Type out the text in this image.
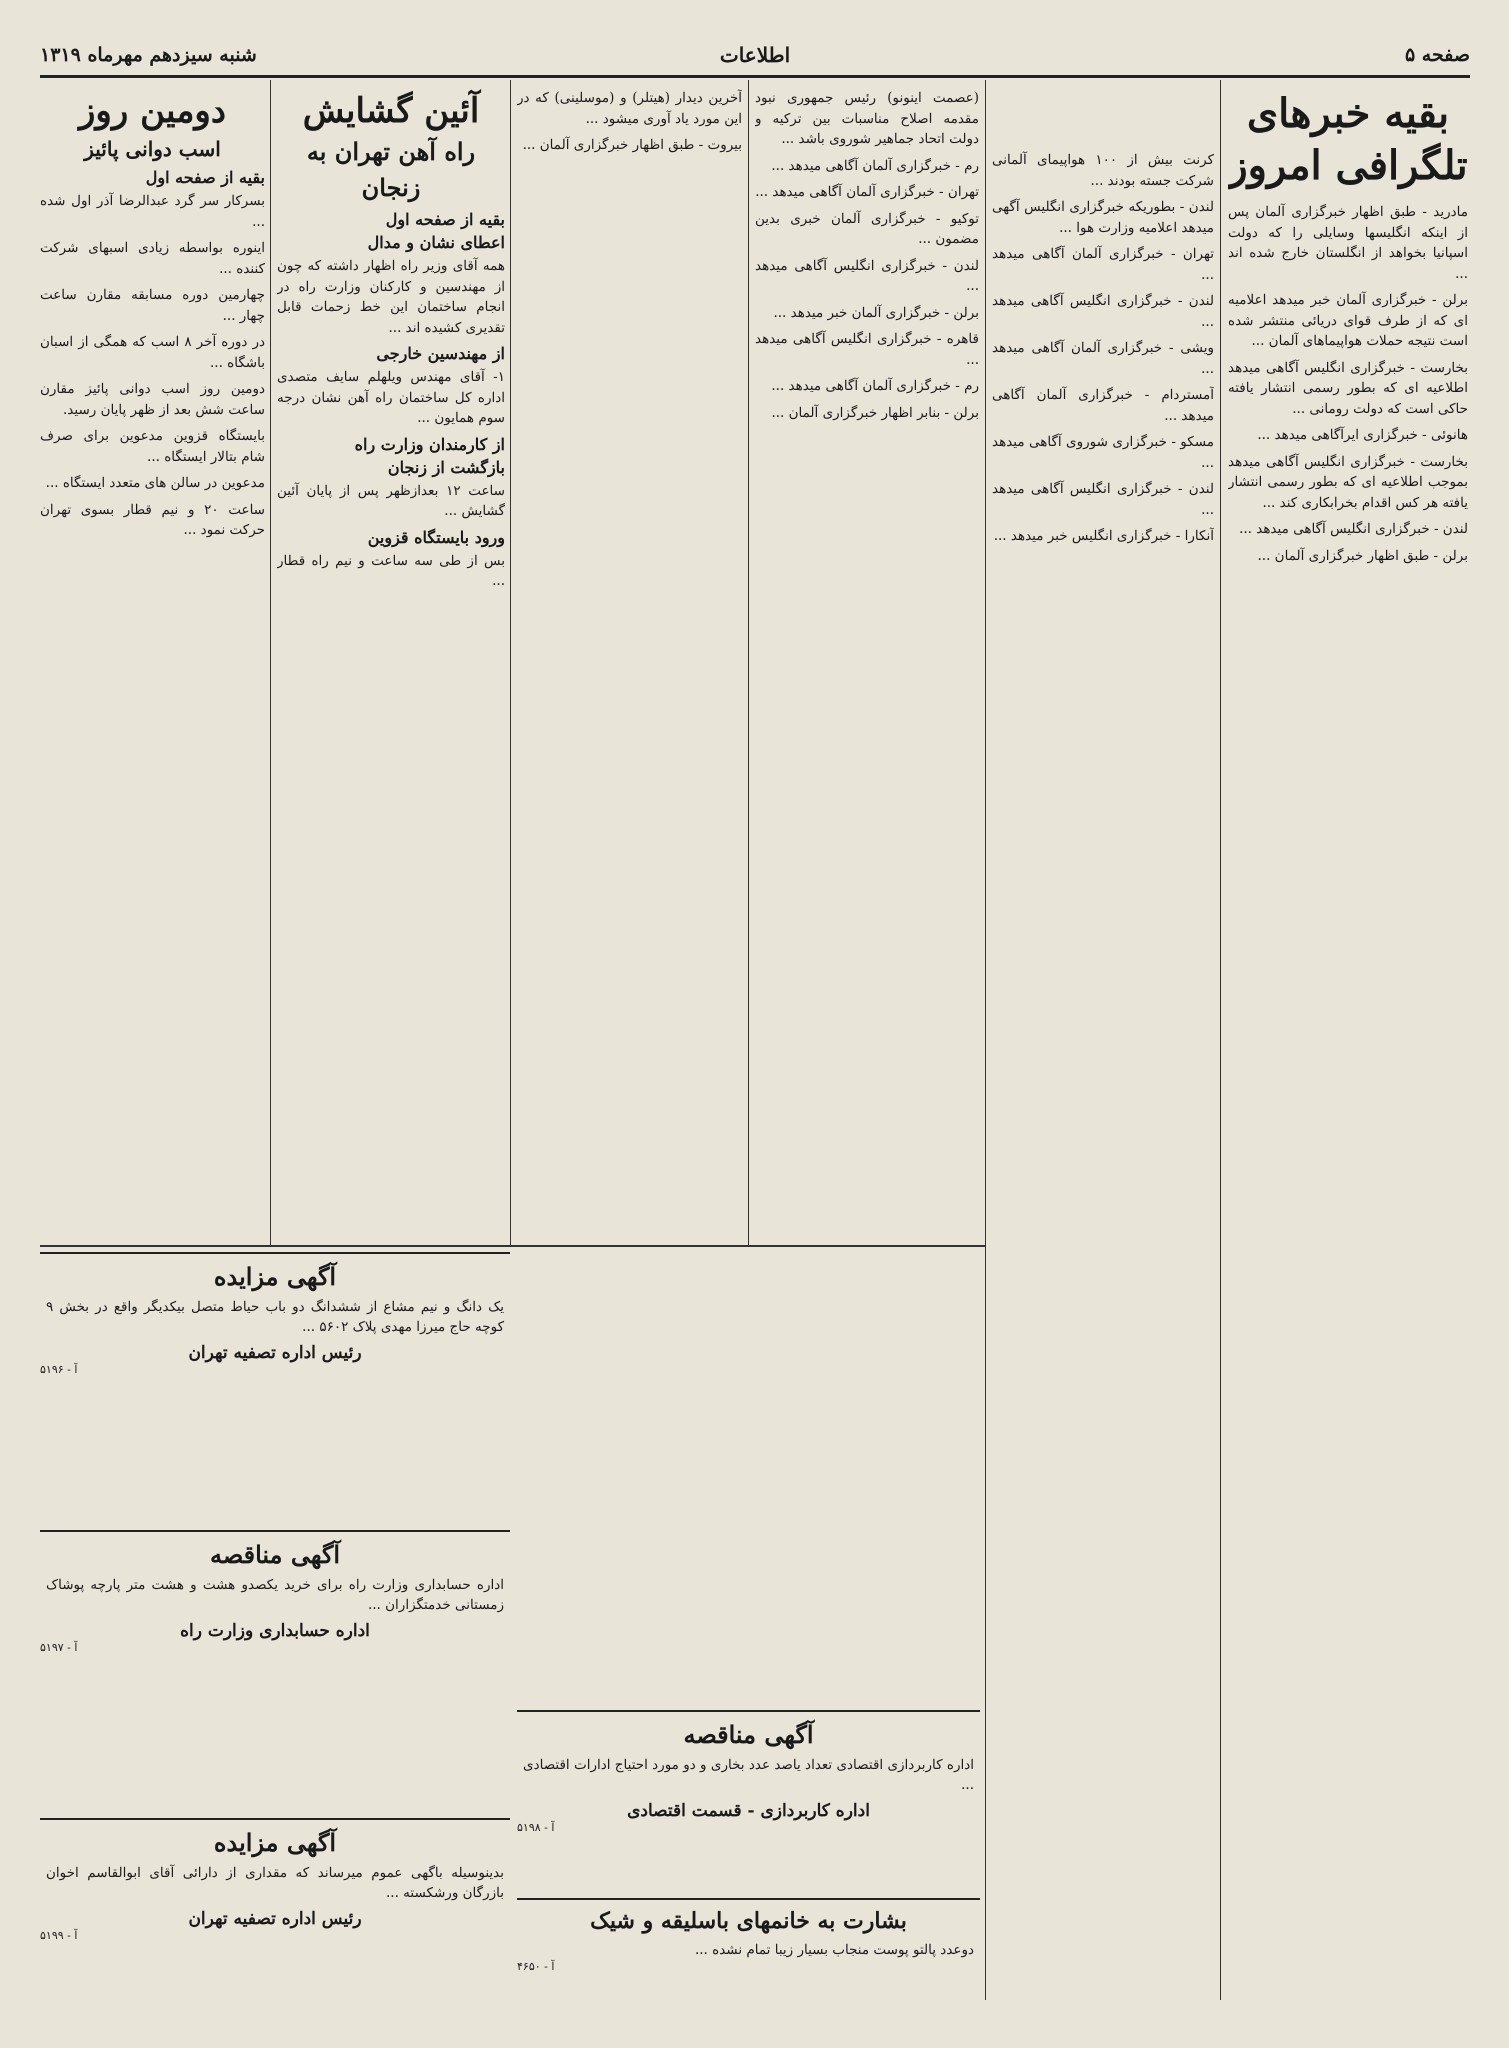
صفحه ۵
اطلاعات
شنبه سیزدهم مهرماه ۱۳۱۹
بقیه خبرهای تلگرافی امروز

مادرید - طبق اظهار خبرگزاری آلمان پس از اینکه انگلیسها وسایلی را که دولت اسپانیا بخواهد از انگلستان خارج شده اند ...

برلن - خبرگزاری آلمان خبر میدهد اعلامیه ای که از طرف قوای دریائی منتشر شده است نتیجه حملات هواپیماهای آلمان ...

بخارست - خبرگزاری انگلیس آگاهی میدهد اطلاعیه ای که بطور رسمی انتشار یافته حاکی است که دولت رومانی ...

هانوئی - خبرگزاری ایرآگاهی میدهد ...

بخارست - خبرگزاری انگلیس آگاهی میدهد بموجب اطلاعیه ای که بطور رسمی انتشار یافته هر کس اقدام بخرابکاری کند ...

لندن - خبرگزاری انگلیس آگاهی میدهد ...

برلن - طبق اظهار خبرگزاری آلمان ...

کرنت بیش از ۱۰۰ هواپیمای آلمانی شرکت جسته بودند ...

لندن - بطوریکه خبرگزاری انگلیس آگهی میدهد اعلامیه وزارت هوا ...

تهران - خبرگزاری آلمان آگاهی میدهد ...

لندن - خبرگزاری انگلیس آگاهی میدهد ...

ویشی - خبرگزاری آلمان آگاهی میدهد ...

آمستردام - خبرگزاری آلمان آگاهی میدهد ...

مسکو - خبرگزاری شوروی آگاهی میدهد ...

لندن - خبرگزاری انگلیس آگاهی میدهد ...

آنکارا - خبرگزاری انگلیس خبر میدهد ...

(عصمت اینونو) رئیس جمهوری نبود مقدمه اصلاح مناسبات بین ترکیه و دولت اتحاد جماهیر شوروی باشد ...

رم - خبرگزاری آلمان آگاهی میدهد ...

تهران - خبرگزاری آلمان آگاهی میدهد ...

توکیو - خبرگزاری آلمان خبری بدین مضمون ...

لندن - خبرگزاری انگلیس آگاهی میدهد ...

برلن - خبرگزاری آلمان خبر میدهد ...

قاهره - خبرگزاری انگلیس آگاهی میدهد ...

رم - خبرگزاری آلمان آگاهی میدهد ...

برلن - بنابر اظهار خبرگزاری آلمان ...

آخرین دیدار (هیتلر) و (موسلینی) که در این مورد یاد آوری میشود ...

بیروت - طبق اظهار خبرگزاری آلمان ...

آئین گشایش
راه آهن تهران به زنجان
بقیه از صفحه اول
اعطای نشان و مدال

همه آقای وزیر راه اظهار داشته که چون از مهندسین و کارکنان وزارت راه در انجام ساختمان این خط زحمات قابل تقدیری کشیده اند ...

از مهندسین خارجی

۱- آقای مهندس ویلهلم سایف متصدی اداره کل ساختمان راه آهن نشان درجه سوم همایون ...

از کارمندان وزارت راه
بازگشت از زنجان

ساعت ۱۲ بعدازظهر پس از پایان آئین گشایش ...

ورود بایستگاه قزوین

بس از طی سه ساعت و نیم راه قطار ...

دومین روز
اسب دوانی پائیز
بقیه از صفحه اول

بسرکار سر گرد عبدالرضا آذر اول شده ...

اینوره بواسطه زیادی اسبهای شرکت کننده ...

چهارمین دوره مسابقه مقارن ساعت چهار ...

در دوره آخر ۸ اسب که همگی از اسبان باشگاه ...

دومین روز اسب دوانی پائیز مقارن ساعت شش بعد از ظهر پایان رسید.

بایستگاه قزوین مدعوین برای صرف شام بتالار ایستگاه ...

مدعوین در سالن های متعدد ایستگاه ...

ساعت ۲۰ و نیم قطار بسوی تهران حرکت نمود ...

آگهی مزایده

یک دانگ و نیم مشاع از ششدانگ دو باب حیاط متصل بیکدیگر واقع در بخش ۹ کوچه حاج میرزا مهدی پلاک ۵۶۰۲ ...

رئیس اداره تصفیه تهران
آ - ۵۱۹۶
آگهی مناقصه

اداره حسابداری وزارت راه برای خرید یکصدو هشت و هشت متر پارچه پوشاک زمستانی خدمتگزاران ...

اداره حسابداری وزارت راه
آ - ۵۱۹۷
آگهی مزایده

بدینوسیله باگهی عموم میرساند که مقداری از دارائی آقای ابوالقاسم اخوان بازرگان ورشکسته ...

رئیس اداره تصفیه تهران
آ - ۵۱۹۹
آگهی مناقصه

اداره کاربردازی اقتصادی تعداد یاصد عدد بخاری و دو مورد احتیاج ادارات اقتصادی ...

اداره کاربردازی - قسمت اقتصادی
آ - ۵۱۹۸
بشارت به خانمهای باسلیقه و شیک

دوعدد پالتو پوست منجاب بسیار زیبا تمام نشده ...

آ - ۴۶۵۰
